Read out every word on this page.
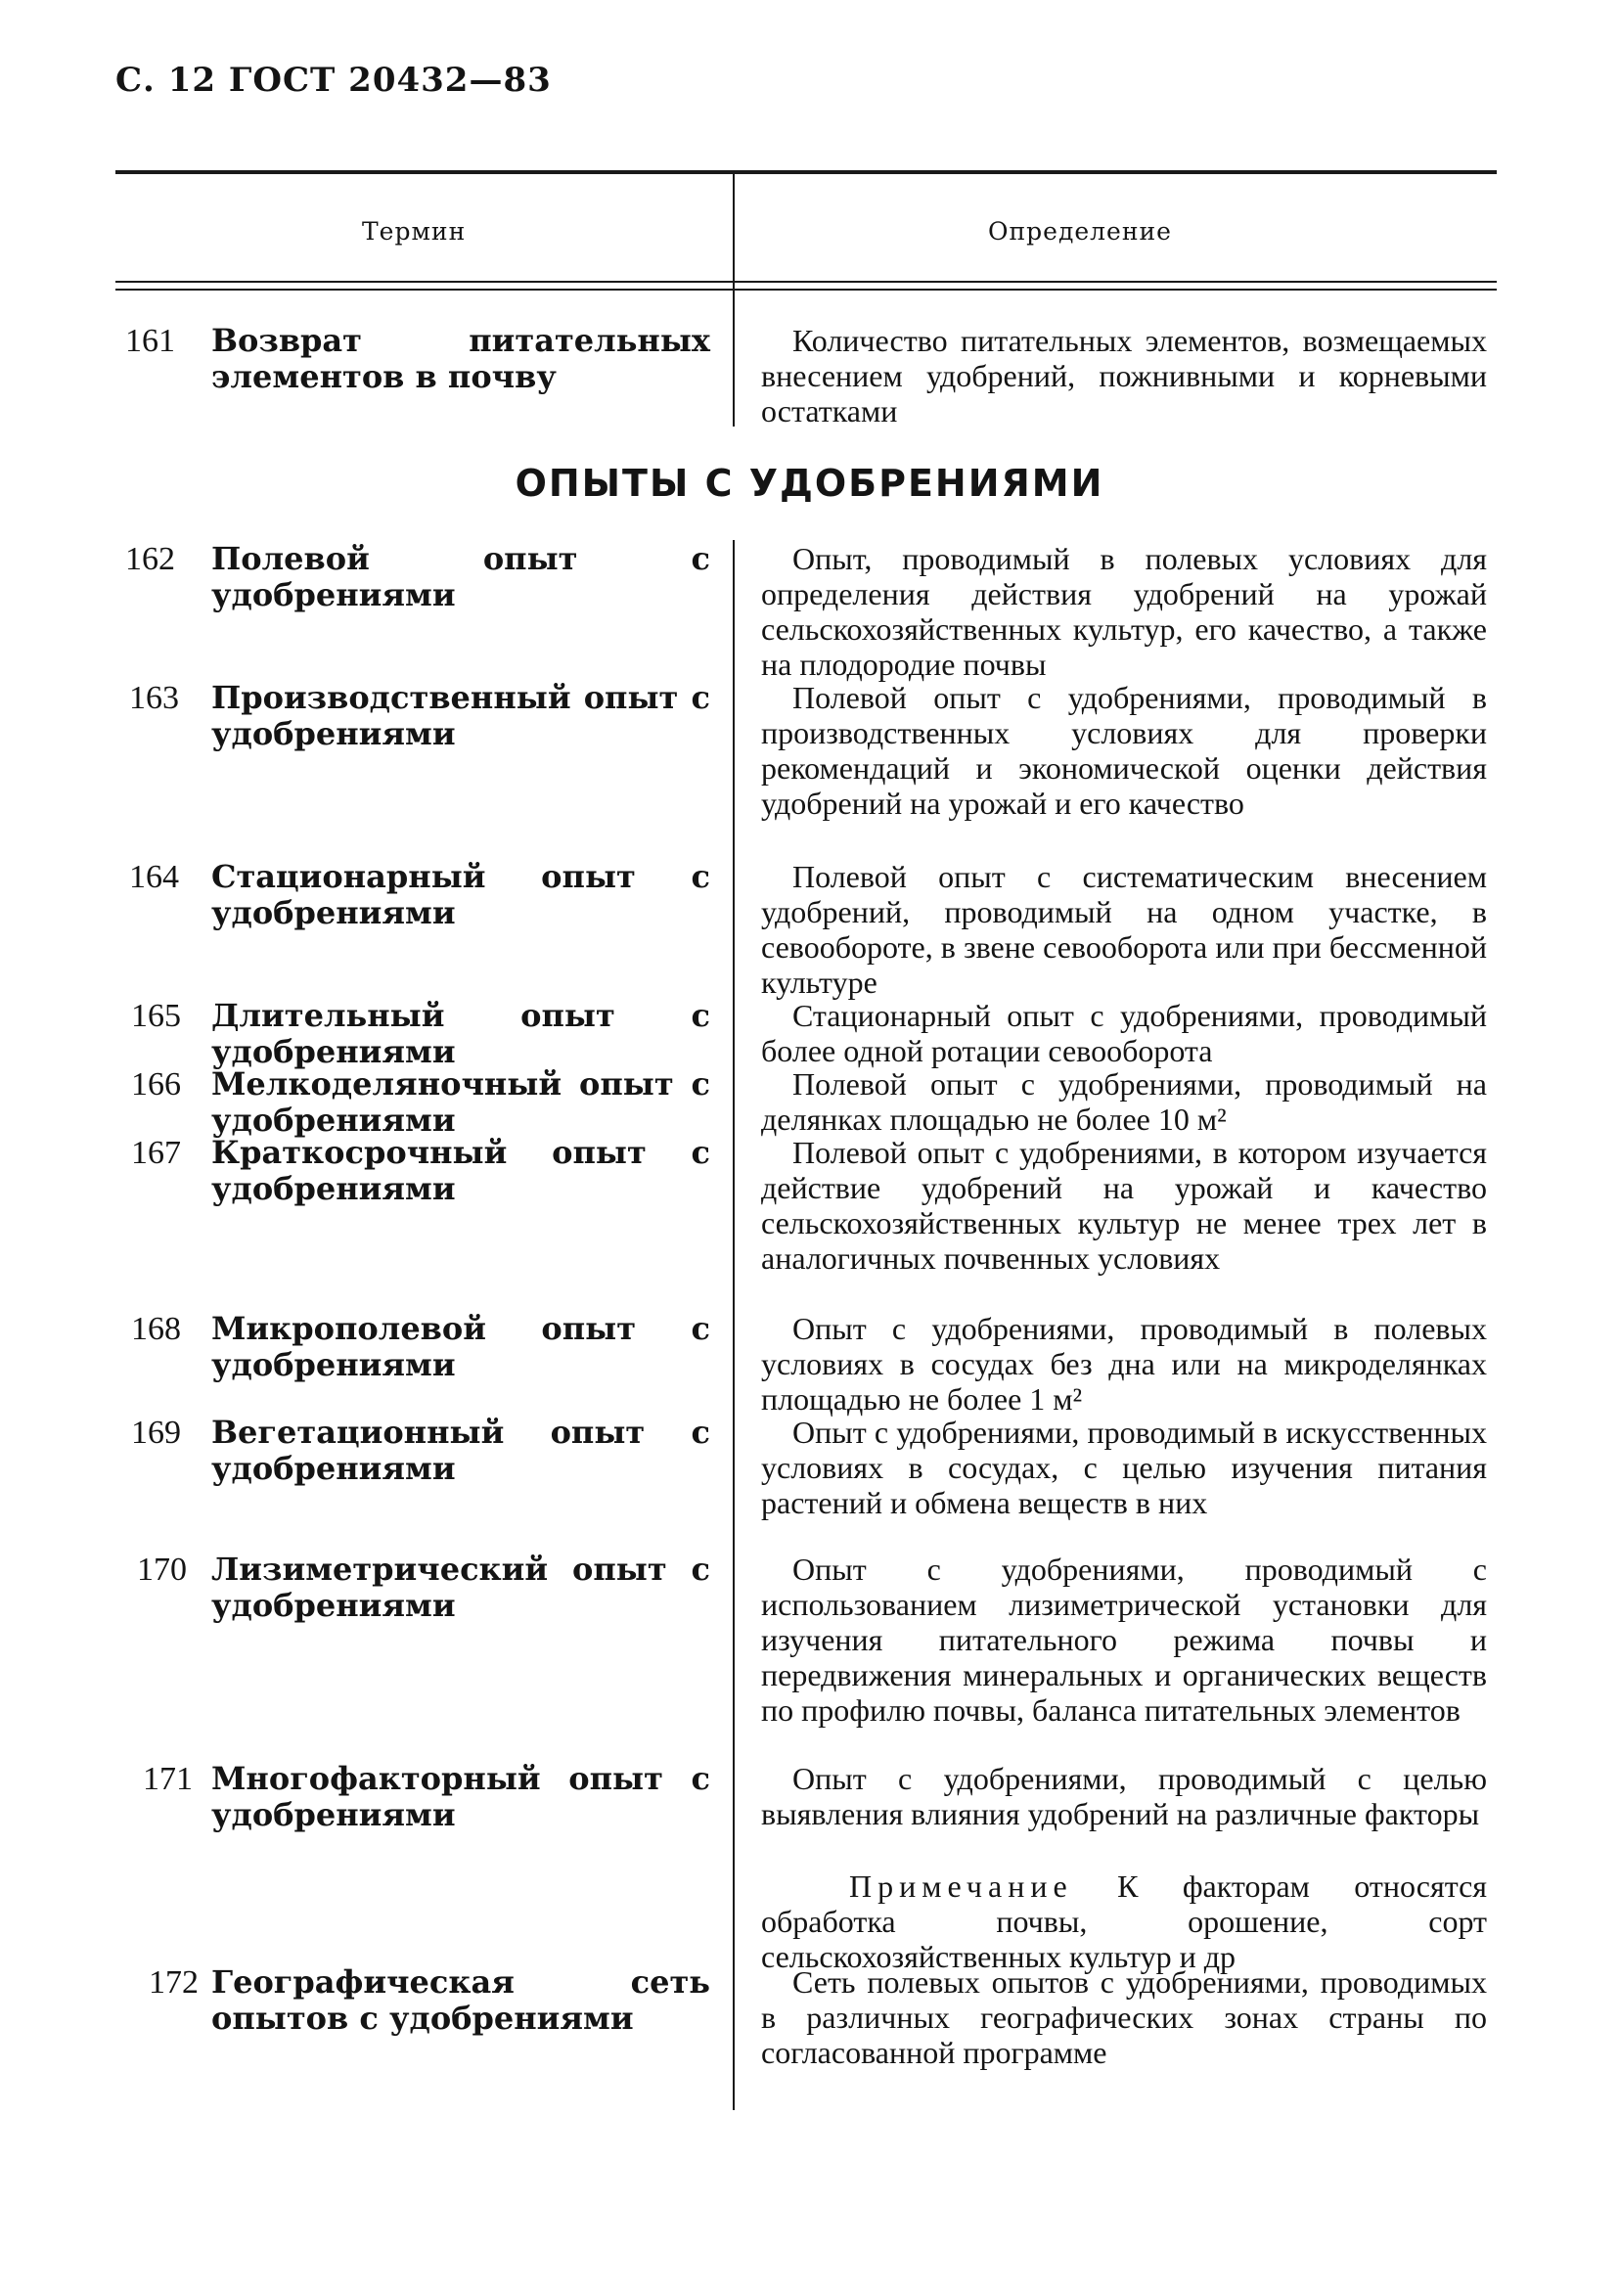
С. 12 ГОСТ 20432—83
Термин	Определение
161 Возврат питательных элементов в почву
Количество питательных элементов, возмещаемых внесением удобрений, пожнивными и корневыми остатками
ОПЫТЫ С УДОБРЕНИЯМИ
162 Полевой опыт с удобрениями
Опыт, проводимый в полевых условиях для определения действия удобрений на урожай сельскохозяйственных культур, его качество, а также на плодородие почвы
163 Производственный опыт с удобрениями
Полевой опыт с удобрениями, проводимый в производственных условиях для проверки рекомендаций и экономической оценки действия удобрений на урожай и его качество
164 Стационарный опыт с удобрениями
Полевой опыт с систематическим внесением удобрений, проводимый на одном участке, в севообороте, в звене севооборота или при бессменной культуре
165 Длительный опыт с удобрениями
Стационарный опыт с удобрениями, проводимый более одной ротации севооборота
166 Мелкоделяночный опыт с удобрениями
Полевой опыт с удобрениями, проводимый на делянках площадью не более 10 м²
167 Краткосрочный опыт с удобрениями
Полевой опыт с удобрениями, в котором изучается действие удобрений на урожай и качество сельскохозяйственных культур не менее трех лет в аналогичных почвенных условиях
168 Микрополевой опыт с удобрениями
Опыт с удобрениями, проводимый в полевых условиях в сосудах без дна или на микроделянках площадью не более 1 м²
169 Вегетационный опыт с удобрениями
Опыт с удобрениями, проводимый в искусственных условиях в сосудах, с целью изучения питания растений и обмена веществ в них
170 Лизиметрический опыт с удобрениями
Опыт с удобрениями, проводимый с использованием лизиметрической установки для изучения питательного режима почвы и передвижения минеральных и органических веществ по профилю почвы, баланса питательных элементов
171 Многофакторный опыт с удобрениями
Опыт с удобрениями, проводимый с целью выявления влияния удобрений на различные факторы
Примечание К факторам относятся обработка почвы, орошение, сорт сельскохозяйственных культур и др
172 Географическая сеть опытов с удобрениями
Сеть полевых опытов с удобрениями, проводимых в различных географических зонах страны по согласованной программе
